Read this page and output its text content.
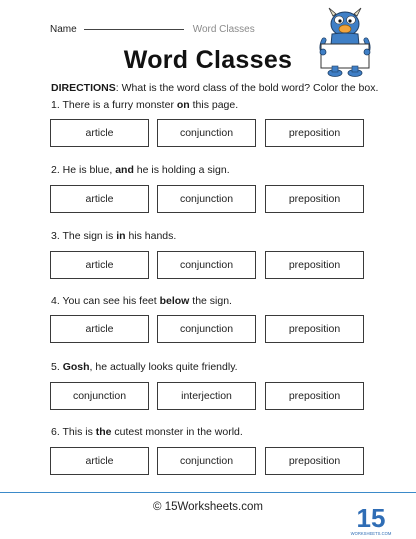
Name	Word Classes
Word Classes
DIRECTIONS: What is the word class of the bold word? Color the box.
1. There is a furry monster on this page.
article	conjunction	preposition
2. He is blue, and he is holding a sign.
article	conjunction	preposition
3. The sign is in his hands.
article	conjunction	preposition
4. You can see his feet below the sign.
article	conjunction	preposition
5. Gosh, he actually looks quite friendly.
conjunction	interjection	preposition
6. This is the cutest monster in the world.
article	conjunction	preposition
© 15Worksheets.com	15
WORKSHEETS.COM
